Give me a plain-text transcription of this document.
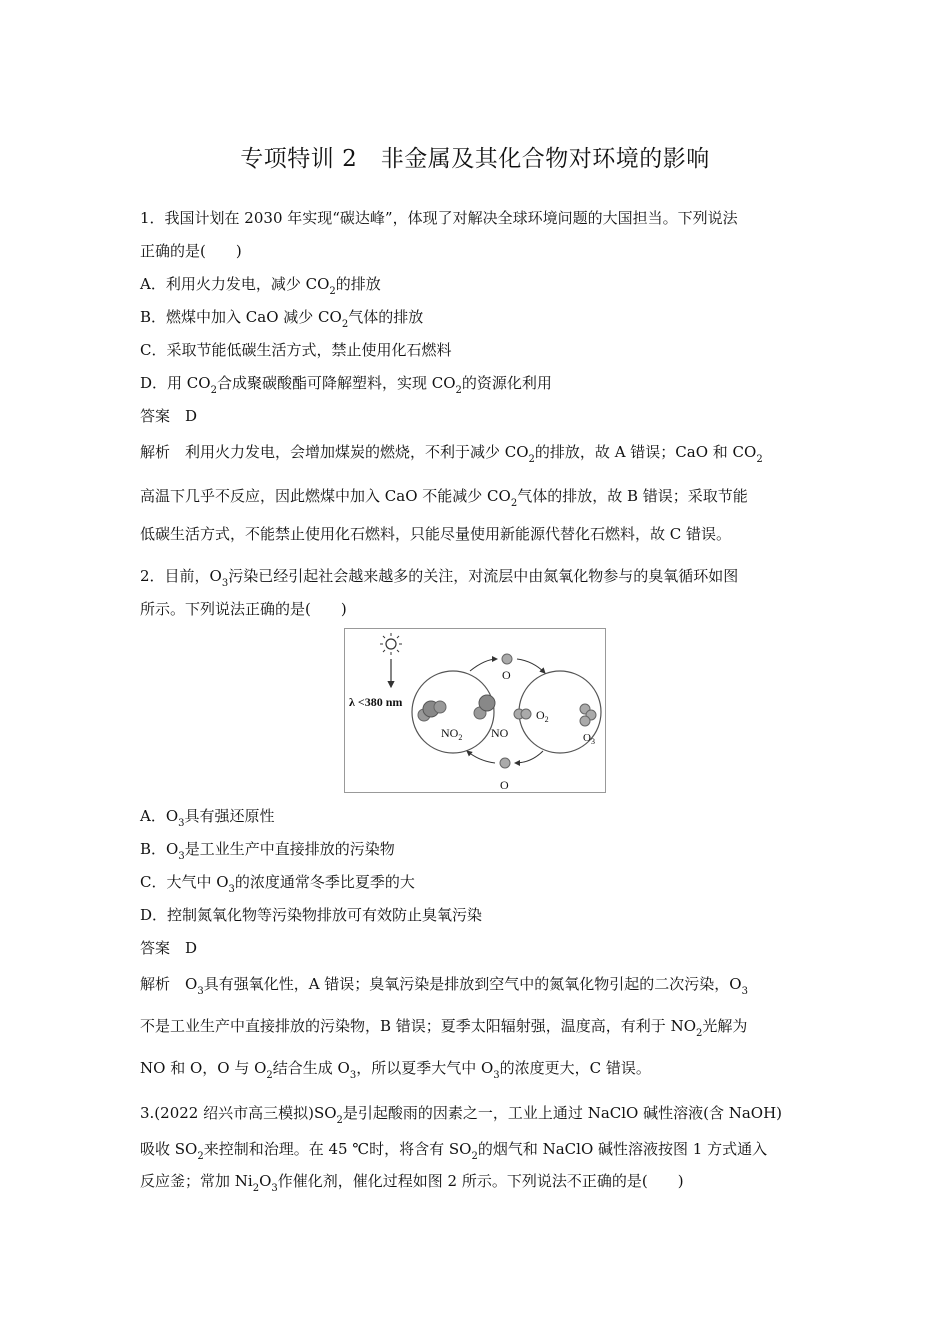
专项特训 2　非金属及其化合物对环境的影响
1．我国计划在 2030 年实现“碳达峰”，体现了对解决全球环境问题的大国担当。下列说法
正确的是(　　)
A．利用火力发电，减少 $CO_2$的排放
B．燃煤中加入 CaO 减少 $CO_2$气体的排放
C．采取节能低碳生活方式，禁止使用化石燃料
D．用 $CO_2$合成聚碳酸酯可降解塑料，实现 $CO_2$的资源化利用
答案　D
解析　利用火力发电，会增加煤炭的燃烧，不利于减少 $CO_2$的排放，故 A 错误；CaO 和 $CO_2$
高温下几乎不反应，因此燃煤中加入 CaO 不能减少 $CO_2$气体的排放，故 B 错误；采取节能
低碳生活方式，不能禁止使用化石燃料，只能尽量使用新能源代替化石燃料，故 C 错误。
2．目前，$O_3$污染已经引起社会越来越多的关注，对流层中由氮氧化物参与的臭氧循环如图
所示。下列说法正确的是(　　)
λ <380 nm
$NO_2$ NO
$O_2$
$O_3$
O
O
A．$O_3$具有强还原性
B．$O_3$是工业生产中直接排放的污染物
C．大气中 $O_3$的浓度通常冬季比夏季的大
D．控制氮氧化物等污染物排放可有效防止臭氧污染
答案　D
解析　$O_3$具有强氧化性，A 错误；臭氧污染是排放到空气中的氮氧化物引起的二次污染，$O_3$
不是工业生产中直接排放的污染物，B 错误；夏季太阳辐射强，温度高，有利于 $NO_2$光解为
NO 和 O，O 与 $O_2$结合生成 $O_3$，所以夏季大气中 $O_3$的浓度更大，C 错误。
3.(2022 绍兴市高三模拟)$SO_2$是引起酸雨的因素之一，工业上通过 NaClO 碱性溶液(含 NaOH)
吸收 $SO_2$来控制和治理。在 45 ℃时，将含有 $SO_2$的烟气和 NaClO 碱性溶液按图 1 方式通入
反应釜；常加 $Ni_2O_3$作催化剂，催化过程如图 2 所示。下列说法不正确的是(　　)
